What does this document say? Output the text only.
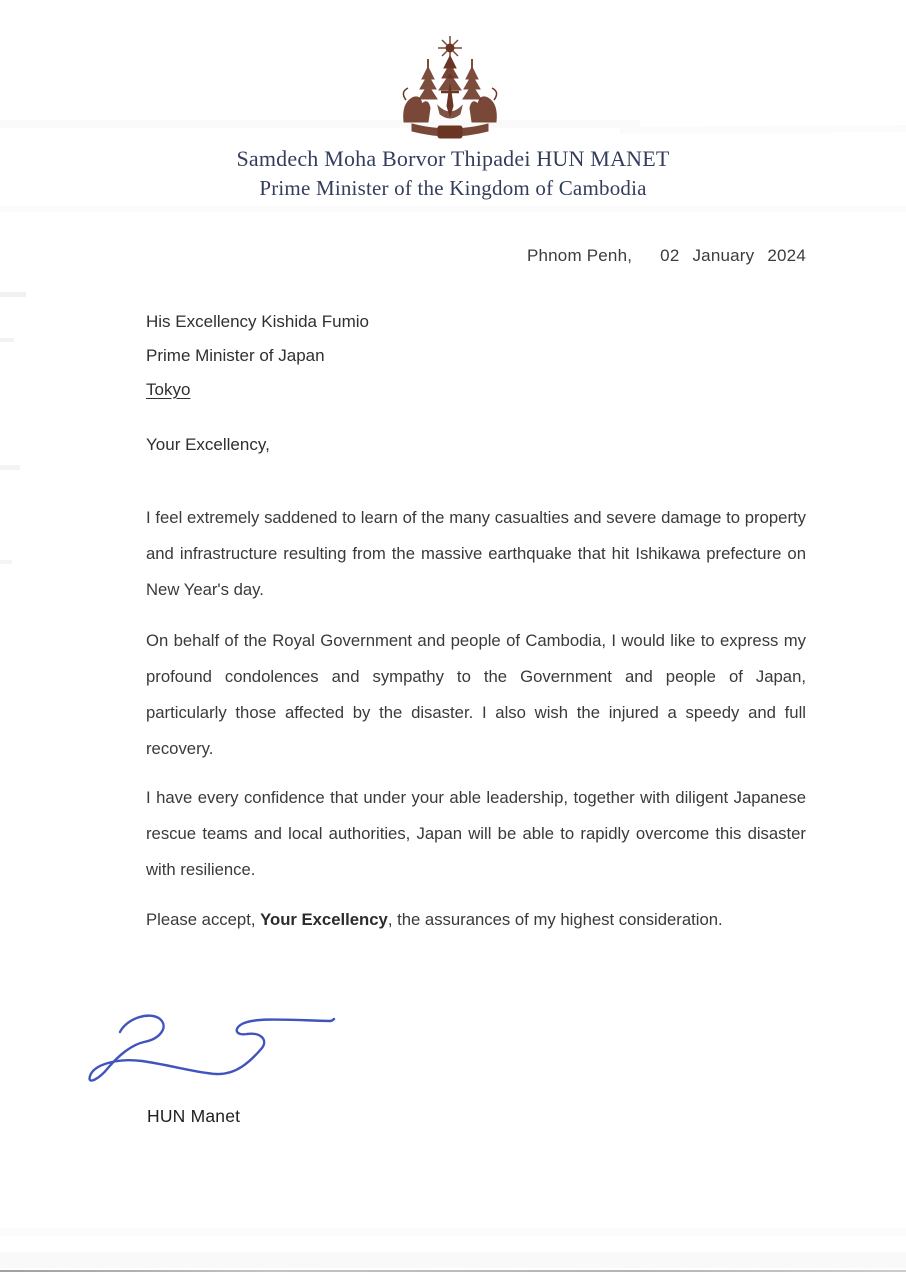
Samdech Moha Borvor Thipadei HUN MANET
Prime Minister of the Kingdom of Cambodia
Phnom Penh, 02 January 2024
His Excellency Kishida Fumio
Prime Minister of Japan
Tokyo
Your Excellency,
I feel extremely saddened to learn of the many casualties and severe damage to property and infrastructure resulting from the massive earthquake that hit Ishikawa prefecture on New Year's day.
On behalf of the Royal Government and people of Cambodia, I would like to express my profound condolences and sympathy to the Government and people of Japan, particularly those affected by the disaster. I also wish the injured a speedy and full recovery.
I have every confidence that under your able leadership, together with diligent Japanese rescue teams and local authorities, Japan will be able to rapidly overcome this disaster with resilience.
Please accept, Your Excellency, the assurances of my highest consideration.
HUN Manet
